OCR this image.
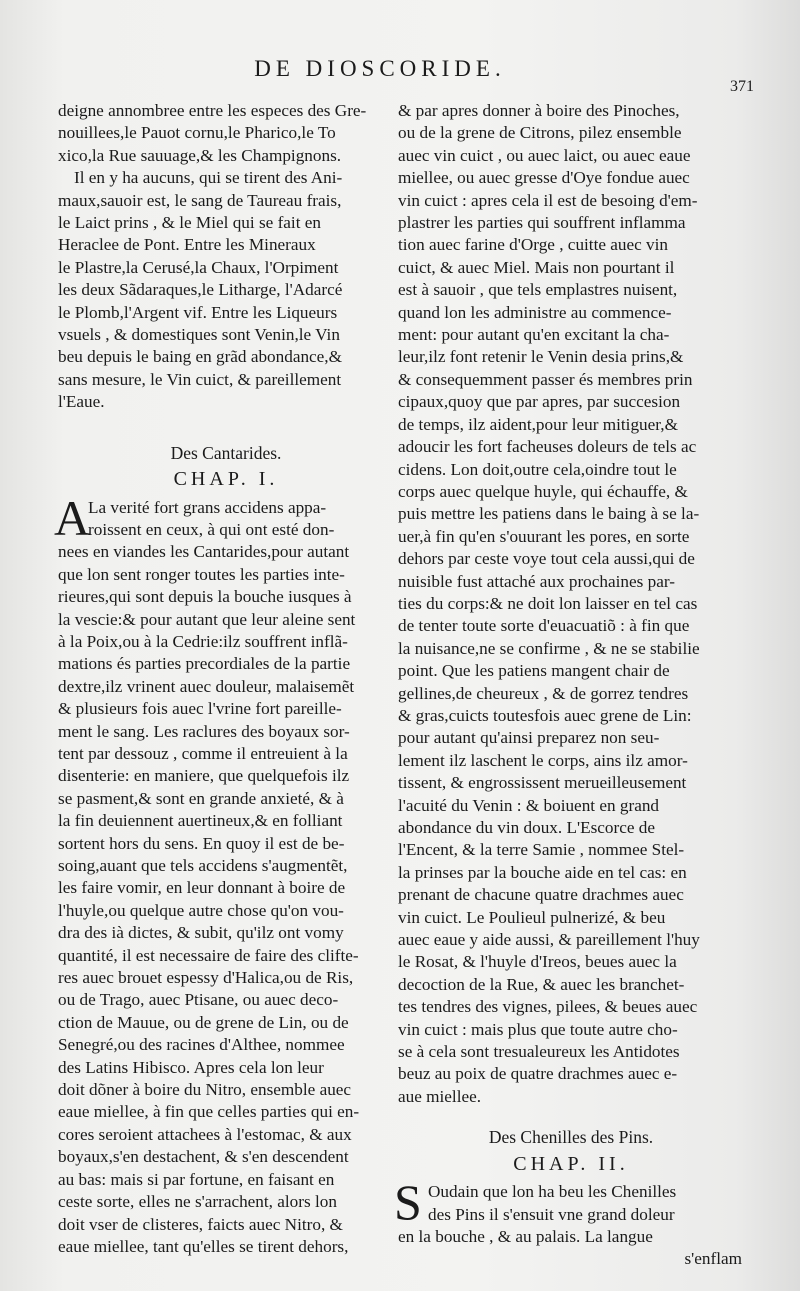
DE DIOSCORIDE.
371
deigne annombree entre les especes des Gre-
nouillees,le Pauot cornu,le Pharico,le To
xico,la Rue sauuage,& les Champignons.
Il en y ha aucuns, qui se tirent des Ani-
maux,sauoir est, le sang de Taureau frais,
le Laict prins , & le Miel qui se fait en
Heraclee de Pont. Entre les Mineraux
le Plastre,la Cerusé,la Chaux, l'Orpiment
les deux Sãdaraques,le Litharge, l'Adarcé
le Plomb,l'Argent vif. Entre les Liqueurs
vsuels , & domestiques sont Venin,le Vin
beu depuis le baing en grãd abondance,&
sans mesure, le Vin cuict, & pareillement
l'Eaue.
Des Cantarides.
CHAP. I.
A
La verité fort grans accidens appa-
roissent en ceux, à qui ont esté don-
nees en viandes les Cantarides,pour autant
que lon sent ronger toutes les parties inte-
rieures,qui sont depuis la bouche iusques à
la vescie:& pour autant que leur aleine sent
à la Poix,ou à la Cedrie:ilz souffrent inflã-
mations és parties precordiales de la partie
dextre,ilz vrinent auec douleur, malaisemẽt
& plusieurs fois auec l'vrine fort pareille-
ment le sang. Les raclures des boyaux sor-
tent par dessouz , comme il entreuient à la
disenterie: en maniere, que quelquefois ilz
se pasment,& sont en grande anxieté, & à
la fin deuiennent auertineux,& en folliant
sortent hors du sens. En quoy il est de be-
soing,auant que tels accidens s'augmentẽt,
les faire vomir, en leur donnant à boire de
l'huyle,ou quelque autre chose qu'on vou-
dra des ià dictes, & subit, qu'ilz ont vomy
quantité, il est necessaire de faire des clifte-
res auec brouet espessy d'Halica,ou de Ris,
ou de Trago, auec Ptisane, ou auec deco-
ction de Mauue, ou de grene de Lin, ou de
Senegré,ou des racines d'Althee, nommee
des Latins Hibisco. Apres cela lon leur
doit dõner à boire du Nitro, ensemble auec
eaue miellee, à fin que celles parties qui en-
cores seroient attachees à l'estomac, & aux
boyaux,s'en destachent, & s'en descendent
au bas: mais si par fortune, en faisant en
ceste sorte, elles ne s'arrachent, alors lon
doit vser de clisteres, faicts auec Nitro, &
eaue miellee, tant qu'elles se tirent dehors,
& par apres donner à boire des Pinoches,
ou de la grene de Citrons, pilez ensemble
auec vin cuict , ou auec laict, ou auec eaue
miellee, ou auec gresse d'Oye fondue auec
vin cuict : apres cela il est de besoing d'em-
plastrer les parties qui souffrent inflamma
tion auec farine d'Orge , cuitte auec vin
cuict, & auec Miel. Mais non pourtant il
est à sauoir , que tels emplastres nuisent,
quand lon les administre au commence-
ment: pour autant qu'en excitant la cha-
leur,ilz font retenir le Venin desia prins,&
& consequemment passer és membres prin
cipaux,quoy que par apres, par succesion
de temps, ilz aident,pour leur mitiguer,&
adoucir les fort facheuses doleurs de tels ac
cidens. Lon doit,outre cela,oindre tout le
corps auec quelque huyle, qui échauffe, &
puis mettre les patiens dans le baing à se la-
uer,à fin qu'en s'ouurant les pores, en sorte
dehors par ceste voye tout cela aussi,qui de
nuisible fust attaché aux prochaines par-
ties du corps:& ne doit lon laisser en tel cas
de tenter toute sorte d'euacuatiõ : à fin que
la nuisance,ne se confirme , & ne se stabilie
point. Que les patiens mangent chair de
gellines,de cheureux , & de gorrez tendres
& gras,cuicts toutesfois auec grene de Lin:
pour autant qu'ainsi preparez non seu-
lement ilz laschent le corps, ains ilz amor-
tissent, & engrossissent merueilleusement
l'acuité du Venin : & boiuent en grand
abondance du vin doux. L'Escorce de
l'Encent, & la terre Samie , nommee Stel-
la prinses par la bouche aide en tel cas: en
prenant de chacune quatre drachmes auec
vin cuict. Le Poulieul pulnerizé, & beu
auec eaue y aide aussi, & pareillement l'huy
le Rosat, & l'huyle d'Ireos, beues auec la
decoction de la Rue, & auec les branchet-
tes tendres des vignes, pilees, & beues auec
vin cuict : mais plus que toute autre cho-
se à cela sont tresualeureux les Antidotes
beuz au poix de quatre drachmes auec e-
aue miellee.
Des Chenilles des Pins.
CHAP. II.
S Oudain que lon ha beu les Chenilles
des Pins il s'ensuit vne grand doleur
en la bouche , & au palais. La langue
s'enflam
